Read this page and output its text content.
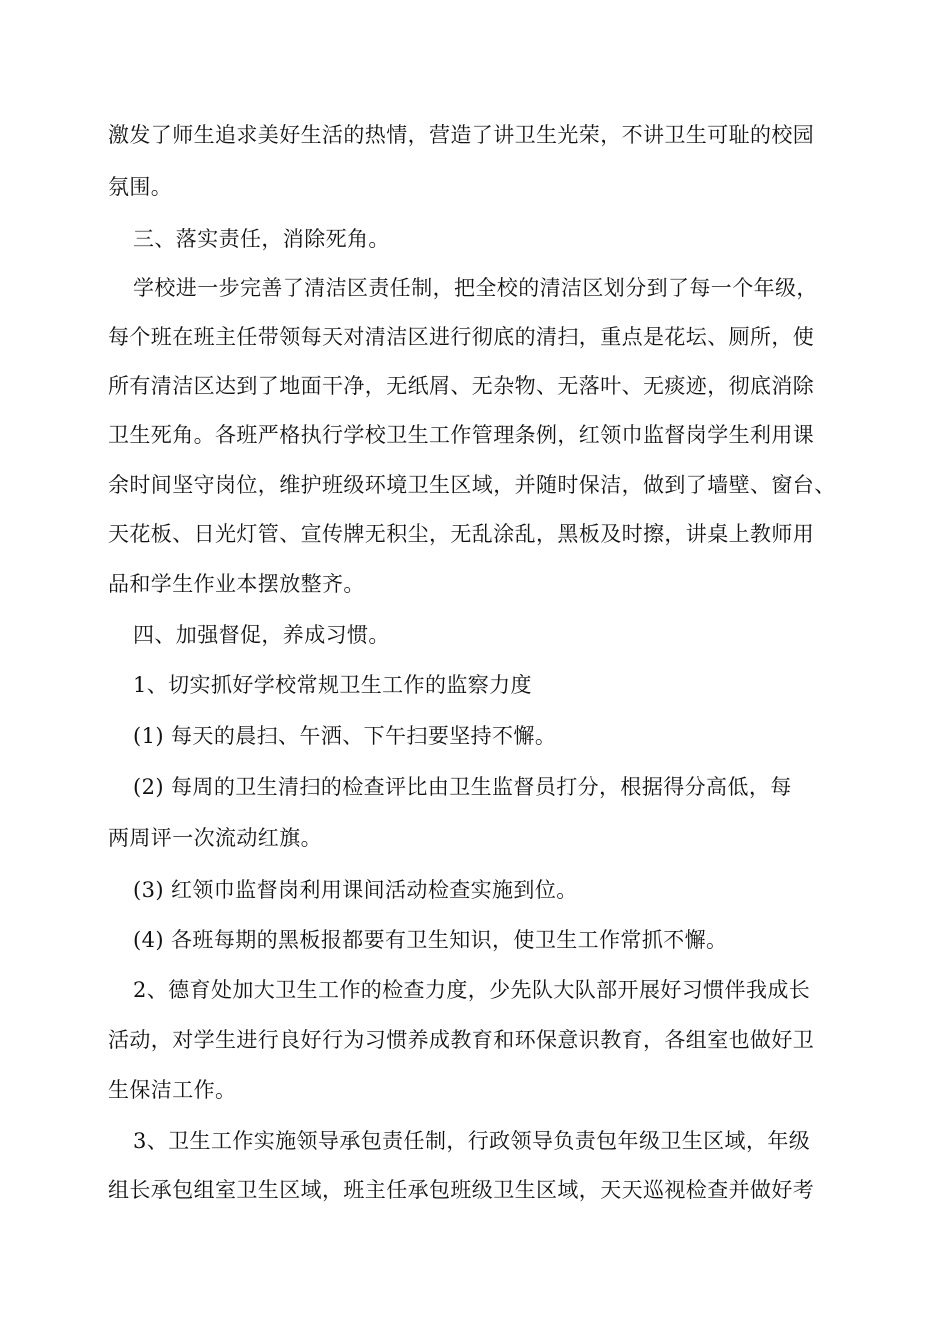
激发了师生追求美好生活的热情，营造了讲卫生光荣，不讲卫生可耻的校园
氛围。
三、落实责任，消除死角。
学校进一步完善了清洁区责任制，把全校的清洁区划分到了每一个年级，
每个班在班主任带领每天对清洁区进行彻底的清扫，重点是花坛、厕所，使
所有清洁区达到了地面干净，无纸屑、无杂物、无落叶、无痰迹，彻底消除
卫生死角。各班严格执行学校卫生工作管理条例，红领巾监督岗学生利用课
余时间坚守岗位，维护班级环境卫生区域，并随时保洁，做到了墙壁、窗台、
天花板、日光灯管、宣传牌无积尘，无乱涂乱，黑板及时擦，讲桌上教师用
品和学生作业本摆放整齐。
四、加强督促，养成习惯。
1、切实抓好学校常规卫生工作的监察力度
(1) 每天的晨扫、午洒、下午扫要坚持不懈。
(2) 每周的卫生清扫的检查评比由卫生监督员打分，根据得分高低，每
两周评一次流动红旗。
(3) 红领巾监督岗利用课间活动检查实施到位。
(4) 各班每期的黑板报都要有卫生知识，使卫生工作常抓不懈。
2、德育处加大卫生工作的检查力度，少先队大队部开展好习惯伴我成长
活动，对学生进行良好行为习惯养成教育和环保意识教育，各组室也做好卫
生保洁工作。
3、卫生工作实施领导承包责任制，行政领导负责包年级卫生区域，年级
组长承包组室卫生区域，班主任承包班级卫生区域，天天巡视检查并做好考
